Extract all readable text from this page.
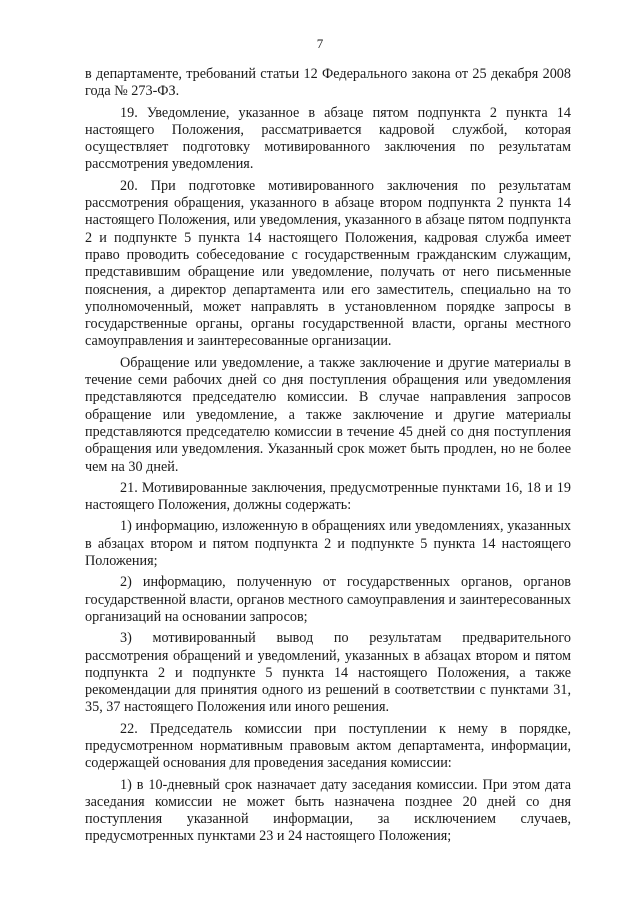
7

в департаменте, требований статьи 12 Федерального закона от 25 декабря 2008 года № 273-ФЗ.

19. Уведомление, указанное в абзаце пятом подпункта 2 пункта 14 настоящего Положения, рассматривается кадровой службой, которая осуществляет подготовку мотивированного заключения по результатам рассмотрения уведомления.

20. При подготовке мотивированного заключения по результатам рассмотрения обращения, указанного в абзаце втором подпункта 2 пункта 14 настоящего Положения, или уведомления, указанного в абзаце пятом подпункта 2 и подпункте 5 пункта 14 настоящего Положения, кадровая служба имеет право проводить собеседование с государственным гражданским служащим, представившим обращение или уведомление, получать от него письменные пояснения, а директор департамента или его заместитель, специально на то уполномоченный, может направлять в установленном порядке запросы в государственные органы, органы государственной власти, органы местного самоуправления и заинтересованные организации.

Обращение или уведомление, а также заключение и другие материалы в течение семи рабочих дней со дня поступления обращения или уведомления представляются председателю комиссии. В случае направления запросов обращение или уведомление, а также заключение и другие материалы представляются председателю комиссии в течение 45 дней со дня поступления обращения или уведомления. Указанный срок может быть продлен, но не более чем на 30 дней.

21. Мотивированные заключения, предусмотренные пунктами 16, 18 и 19 настоящего Положения, должны содержать:

1) информацию, изложенную в обращениях или уведомлениях, указанных в абзацах втором и пятом подпункта 2 и подпункте 5 пункта 14 настоящего Положения;

2) информацию, полученную от государственных органов, органов государственной власти, органов местного самоуправления и заинтересованных организаций на основании запросов;

3) мотивированный вывод по результатам предварительного рассмотрения обращений и уведомлений, указанных в абзацах втором и пятом подпункта 2 и подпункте 5 пункта 14 настоящего Положения, а также рекомендации для принятия одного из решений в соответствии с пунктами 31, 35, 37 настоящего Положения или иного решения.

22. Председатель комиссии при поступлении к нему в порядке, предусмотренном нормативным правовым актом департамента, информации, содержащей основания для проведения заседания комиссии:

1) в 10-дневный срок назначает дату заседания комиссии. При этом дата заседания комиссии не может быть назначена позднее 20 дней со дня поступления указанной информации, за исключением случаев, предусмотренных пунктами 23 и 24 настоящего Положения;
